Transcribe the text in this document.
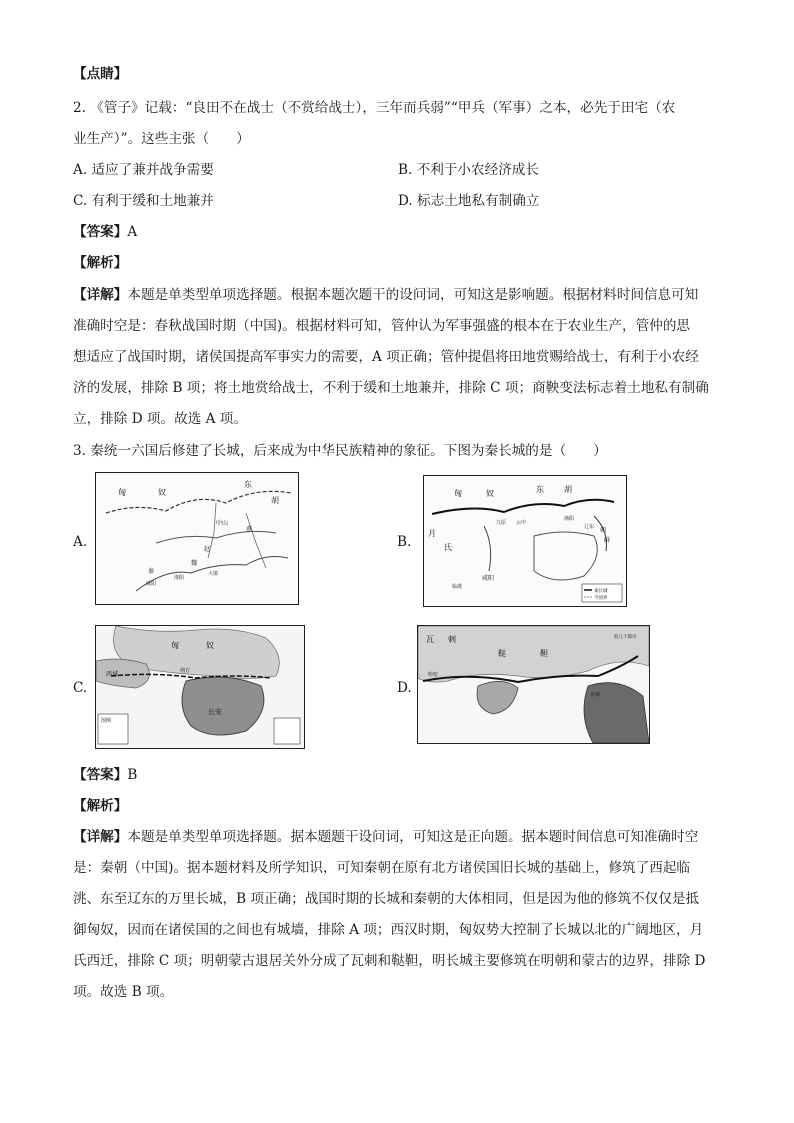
【点睛】
2. 《管子》记载：“良田不在战士（不赏给战士），三年而兵弱”“甲兵（军事）之本，必先于田宅（农
业生产）”。这些主张（　　）
A. 适应了兼并战争需要	B. 不利于小农经济成长
C. 有利于缓和土地兼并	D. 标志土地私有制确立
【答案】A
【解析】
【详解】本题是单类型单项选择题。根据本题次题干的设问词，可知这是影响题。根据材料时间信息可知
准确时空是：春秋战国时期（中国)。根据材料可知，管仲认为军事强盛的根本在于农业生产，管仲的思
想适应了战国时期，诸侯国提高军事实力的需要，A 项正确；管仲提倡将田地赏赐给战士，有利于小农经
济的发展，排除 B 项；将土地赏给战士，不利于缓和土地兼并，排除 C 项；商鞅变法标志着土地私有制确
立，排除 D 项。故选 A 项。
3. 秦统一六国后修建了长城，后来成为中华民族精神的象征。下图为秦长城的是（　　）
A.	B.
C.	D.
匈	奴
东
胡
中山
燕
赵
魏
秦
咸阳
洛阳
大梁
匈	奴	东	胡
月
氏
九原 云中
渔阳
辽东 朝
鲜
咸阳
临洮
秦长城
今国界
匈	奴
西域
长安
朔方
图例
瓦 剌
鞑	靼
哈密
京师
奴儿干都司
【答案】B
【解析】
【详解】本题是单类型单项选择题。据本题题干设问词，可知这是正向题。据本题时间信息可知准确时空
是：秦朝（中国)。据本题材料及所学知识，可知秦朝在原有北方诸侯国旧长城的基础上，修筑了西起临
洮、东至辽东的万里长城，B 项正确；战国时期的长城和秦朝的大体相同，但是因为他的修筑不仅仅是抵
御匈奴，因而在诸侯国的之间也有城墙，排除 A 项；西汉时期，匈奴势大控制了长城以北的广阔地区，月
氏西迁，排除 C 项；明朝蒙古退居关外分成了瓦刺和鞑靼，明长城主要修筑在明朝和蒙古的边界，排除 D
项。故选 B 项。
